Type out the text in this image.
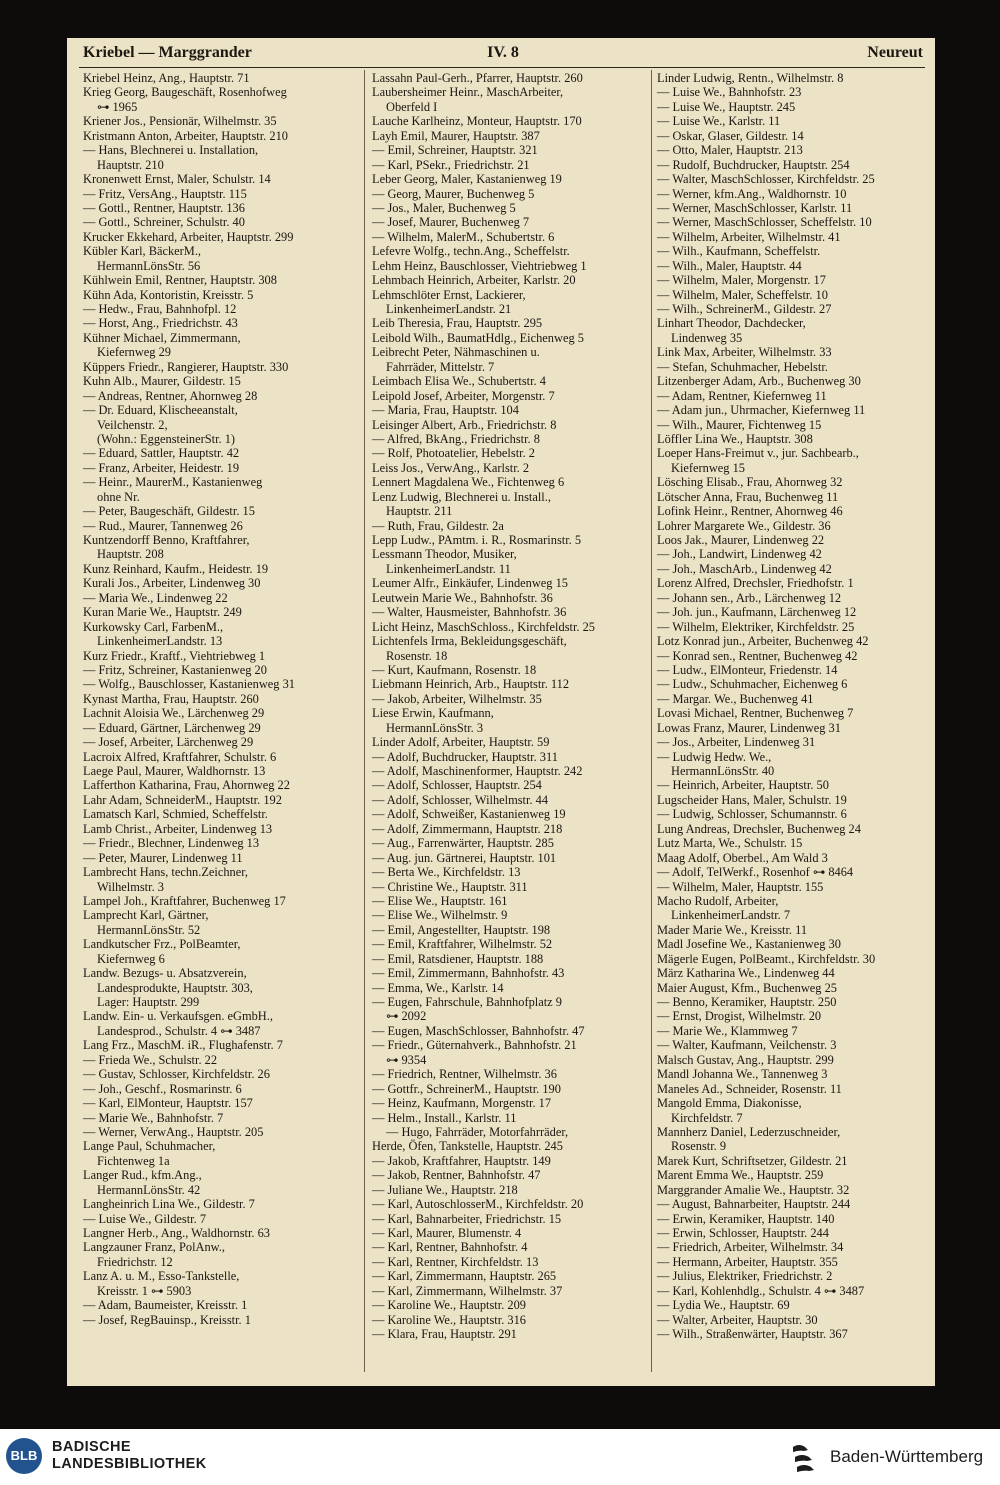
Kriebel — Marggrander	IV. 8	Neureut
Kriebel Heinz, Ang., Hauptstr. 71
Krieg Georg, Baugeschäft, Rosenhofweg
⊶ 1965
Kriener Jos., Pensionär, Wilhelmstr. 35
Kristmann Anton, Arbeiter, Hauptstr. 210
— Hans, Blechnerei u. Installation,
Hauptstr. 210
Kronenwett Ernst, Maler, Schulstr. 14
— Fritz, VersAng., Hauptstr. 115
— Gottl., Rentner, Hauptstr. 136
— Gottl., Schreiner, Schulstr. 40
Krucker Ekkehard, Arbeiter, Hauptstr. 299
Kübler Karl, BäckerM.,
HermannLönsStr. 56
Kühlwein Emil, Rentner, Hauptstr. 308
Kühn Ada, Kontoristin, Kreisstr. 5
— Hedw., Frau, Bahnhofpl. 12
— Horst, Ang., Friedrichstr. 43
Kühner Michael, Zimmermann,
Kiefernweg 29
Küppers Friedr., Rangierer, Hauptstr. 330
Kuhn Alb., Maurer, Gildestr. 15
— Andreas, Rentner, Ahornweg 28
— Dr. Eduard, Klischeeanstalt,
Veilchenstr. 2,
(Wohn.: EggensteinerStr. 1)
— Eduard, Sattler, Hauptstr. 42
— Franz, Arbeiter, Heidestr. 19
— Heinr., MaurerM., Kastanienweg
ohne Nr.
— Peter, Baugeschäft, Gildestr. 15
— Rud., Maurer, Tannenweg 26
Kuntzendorff Benno, Kraftfahrer,
Hauptstr. 208
Kunz Reinhard, Kaufm., Heidestr. 19
Kurali Jos., Arbeiter, Lindenweg 30
— Maria We., Lindenweg 22
Kuran Marie We., Hauptstr. 249
Kurkowsky Carl, FarbenM.,
LinkenheimerLandstr. 13
Kurz Friedr., Kraftf., Viehtriebweg 1
— Fritz, Schreiner, Kastanienweg 20
— Wolfg., Bauschlosser, Kastanienweg 31
Kynast Martha, Frau, Hauptstr. 260
Lachnit Aloisia We., Lärchenweg 29
— Eduard, Gärtner, Lärchenweg 29
— Josef, Arbeiter, Lärchenweg 29
Lacroix Alfred, Kraftfahrer, Schulstr. 6
Laege Paul, Maurer, Waldhornstr. 13
Lafferthon Katharina, Frau, Ahornweg 22
Lahr Adam, SchneiderM., Hauptstr. 192
Lamatsch Karl, Schmied, Scheffelstr.
Lamb Christ., Arbeiter, Lindenweg 13
— Friedr., Blechner, Lindenweg 13
— Peter, Maurer, Lindenweg 11
Lambrecht Hans, techn.Zeichner,
Wilhelmstr. 3
Lampel Joh., Kraftfahrer, Buchenweg 17
Lamprecht Karl, Gärtner,
HermannLönsStr. 52
Landkutscher Frz., PolBeamter,
Kiefernweg 6
Landw. Bezugs- u. Absatzverein,
Landesprodukte, Hauptstr. 303,
Lager: Hauptstr. 299
Landw. Ein- u. Verkaufsgen. eGmbH.,
Landesprod., Schulstr. 4 ⊶ 3487
Lang Frz., MaschM. iR., Flughafenstr. 7
— Frieda We., Schulstr. 22
— Gustav, Schlosser, Kirchfeldstr. 26
— Joh., Geschf., Rosmarinstr. 6
— Karl, ElMonteur, Hauptstr. 157
— Marie We., Bahnhofstr. 7
— Werner, VerwAng., Hauptstr. 205
Lange Paul, Schuhmacher,
Fichtenweg 1a
Langer Rud., kfm.Ang.,
HermannLönsStr. 42
Langheinrich Lina We., Gildestr. 7
— Luise We., Gildestr. 7
Langner Herb., Ang., Waldhornstr. 63
Langzauner Franz, PolAnw.,
Friedrichstr. 12
Lanz A. u. M., Esso-Tankstelle,
Kreisstr. 1 ⊶ 5903
— Adam, Baumeister, Kreisstr. 1
— Josef, RegBauinsp., Kreisstr. 1
Lassahn Paul-Gerh., Pfarrer, Hauptstr. 260
Laubersheimer Heinr., MaschArbeiter,
Oberfeld I
Lauche Karlheinz, Monteur, Hauptstr. 170
Layh Emil, Maurer, Hauptstr. 387
— Emil, Schreiner, Hauptstr. 321
— Karl, PSekr., Friedrichstr. 21
Leber Georg, Maler, Kastanienweg 19
— Georg, Maurer, Buchenweg 5
— Jos., Maler, Buchenweg 5
— Josef, Maurer, Buchenweg 7
— Wilhelm, MalerM., Schubertstr. 6
Lefevre Wolfg., techn.Ang., Scheffelstr.
Lehm Heinz, Bauschlosser, Viehtriebweg 1
Lehmbach Heinrich, Arbeiter, Karlstr. 20
Lehmschlöter Ernst, Lackierer,
LinkenheimerLandstr. 21
Leib Theresia, Frau, Hauptstr. 295
Leibold Wilh., BaumatHdlg., Eichenweg 5
Leibrecht Peter, Nähmaschinen u.
Fahrräder, Mittelstr. 7
Leimbach Elisa We., Schubertstr. 4
Leipold Josef, Arbeiter, Morgenstr. 7
— Maria, Frau, Hauptstr. 104
Leisinger Albert, Arb., Friedrichstr. 8
— Alfred, BkAng., Friedrichstr. 8
— Rolf, Photoatelier, Hebelstr. 2
Leiss Jos., VerwAng., Karlstr. 2
Lennert Magdalena We., Fichtenweg 6
Lenz Ludwig, Blechnerei u. Install.,
Hauptstr. 211
— Ruth, Frau, Gildestr. 2a
Lepp Ludw., PAmtm. i. R., Rosmarinstr. 5
Lessmann Theodor, Musiker,
LinkenheimerLandstr. 11
Leumer Alfr., Einkäufer, Lindenweg 15
Leutwein Marie We., Bahnhofstr. 36
— Walter, Hausmeister, Bahnhofstr. 36
Licht Heinz, MaschSchloss., Kirchfeldstr. 25
Lichtenfels Irma, Bekleidungsgeschäft,
Rosenstr. 18
— Kurt, Kaufmann, Rosenstr. 18
Liebmann Heinrich, Arb., Hauptstr. 112
— Jakob, Arbeiter, Wilhelmstr. 35
Liese Erwin, Kaufmann,
HermannLönsStr. 3
Linder Adolf, Arbeiter, Hauptstr. 59
— Adolf, Buchdrucker, Hauptstr. 311
— Adolf, Maschinenformer, Hauptstr. 242
— Adolf, Schlosser, Hauptstr. 254
— Adolf, Schlosser, Wilhelmstr. 44
— Adolf, Schweißer, Kastanienweg 19
— Adolf, Zimmermann, Hauptstr. 218
— Aug., Farrenwärter, Hauptstr. 285
— Aug. jun. Gärtnerei, Hauptstr. 101
— Berta We., Kirchfeldstr. 13
— Christine We., Hauptstr. 311
— Elise We., Hauptstr. 161
— Elise We., Wilhelmstr. 9
— Emil, Angestellter, Hauptstr. 198
— Emil, Kraftfahrer, Wilhelmstr. 52
— Emil, Ratsdiener, Hauptstr. 188
— Emil, Zimmermann, Bahnhofstr. 43
— Emma, We., Karlstr. 14
— Eugen, Fahrschule, Bahnhofplatz 9
⊶ 2092
— Eugen, MaschSchlosser, Bahnhofstr. 47
— Friedr., Güternahverk., Bahnhofstr. 21
⊶ 9354
— Friedrich, Rentner, Wilhelmstr. 36
— Gottfr., SchreinerM., Hauptstr. 190
— Heinz, Kaufmann, Morgenstr. 17
— Helm., Install., Karlstr. 11
— Hugo, Fahrräder, Motorfahrräder,
Herde, Öfen, Tankstelle, Hauptstr. 245
— Jakob, Kraftfahrer, Hauptstr. 149
— Jakob, Rentner, Bahnhofstr. 47
— Juliane We., Hauptstr. 218
— Karl, AutoschlosserM., Kirchfeldstr. 20
— Karl, Bahnarbeiter, Friedrichstr. 15
— Karl, Maurer, Blumenstr. 4
— Karl, Rentner, Bahnhofstr. 4
— Karl, Rentner, Kirchfeldstr. 13
— Karl, Zimmermann, Hauptstr. 265
— Karl, Zimmermann, Wilhelmstr. 37
— Karoline We., Hauptstr. 209
— Karoline We., Hauptstr. 316
— Klara, Frau, Hauptstr. 291
Linder Ludwig, Rentn., Wilhelmstr. 8
— Luise We., Bahnhofstr. 23
— Luise We., Hauptstr. 245
— Luise We., Karlstr. 11
— Oskar, Glaser, Gildestr. 14
— Otto, Maler, Hauptstr. 213
— Rudolf, Buchdrucker, Hauptstr. 254
— Walter, MaschSchlosser, Kirchfeldstr. 25
— Werner, kfm.Ang., Waldhornstr. 10
— Werner, MaschSchlosser, Karlstr. 11
— Werner, MaschSchlosser, Scheffelstr. 10
— Wilhelm, Arbeiter, Wilhelmstr. 41
— Wilh., Kaufmann, Scheffelstr.
— Wilh., Maler, Hauptstr. 44
— Wilhelm, Maler, Morgenstr. 17
— Wilhelm, Maler, Scheffelstr. 10
— Wilh., SchreinerM., Gildestr. 27
Linhart Theodor, Dachdecker,
Lindenweg 35
Link Max, Arbeiter, Wilhelmstr. 33
— Stefan, Schuhmacher, Hebelstr.
Litzenberger Adam, Arb., Buchenweg 30
— Adam, Rentner, Kiefernweg 11
— Adam jun., Uhrmacher, Kiefernweg 11
— Wilh., Maurer, Fichtenweg 15
Löffler Lina We., Hauptstr. 308
Loeper Hans-Freimut v., jur. Sachbearb.,
Kiefernweg 15
Lösching Elisab., Frau, Ahornweg 32
Lötscher Anna, Frau, Buchenweg 11
Lofink Heinr., Rentner, Ahornweg 46
Lohrer Margarete We., Gildestr. 36
Loos Jak., Maurer, Lindenweg 22
— Joh., Landwirt, Lindenweg 42
— Joh., MaschArb., Lindenweg 42
Lorenz Alfred, Drechsler, Friedhofstr. 1
— Johann sen., Arb., Lärchenweg 12
— Joh. jun., Kaufmann, Lärchenweg 12
— Wilhelm, Elektriker, Kirchfeldstr. 25
Lotz Konrad jun., Arbeiter, Buchenweg 42
— Konrad sen., Rentner, Buchenweg 42
— Ludw., ElMonteur, Friedenstr. 14
— Ludw., Schuhmacher, Eichenweg 6
— Margar. We., Buchenweg 41
Lovasi Michael, Rentner, Buchenweg 7
Lowas Franz, Maurer, Lindenweg 31
— Jos., Arbeiter, Lindenweg 31
— Ludwig Hedw. We.,
HermannLönsStr. 40
— Heinrich, Arbeiter, Hauptstr. 50
Lugscheider Hans, Maler, Schulstr. 19
— Ludwig, Schlosser, Schumannstr. 6
Lung Andreas, Drechsler, Buchenweg 24
Lutz Marta, We., Schulstr. 15
Maag Adolf, Oberbel., Am Wald 3
— Adolf, TelWerkf., Rosenhof ⊶ 8464
— Wilhelm, Maler, Hauptstr. 155
Macho Rudolf, Arbeiter,
LinkenheimerLandstr. 7
Mader Marie We., Kreisstr. 11
Madl Josefine We., Kastanienweg 30
Mägerle Eugen, PolBeamt., Kirchfeldstr. 30
März Katharina We., Lindenweg 44
Maier August, Kfm., Buchenweg 25
— Benno, Keramiker, Hauptstr. 250
— Ernst, Drogist, Wilhelmstr. 20
— Marie We., Klammweg 7
— Walter, Kaufmann, Veilchenstr. 3
Malsch Gustav, Ang., Hauptstr. 299
Mandl Johanna We., Tannenweg 3
Maneles Ad., Schneider, Rosenstr. 11
Mangold Emma, Diakonisse,
Kirchfeldstr. 7
Mannherz Daniel, Lederzuschneider,
Rosenstr. 9
Marek Kurt, Schriftsetzer, Gildestr. 21
Marent Emma We., Hauptstr. 259
Marggrander Amalie We., Hauptstr. 32
— August, Bahnarbeiter, Hauptstr. 244
— Erwin, Keramiker, Hauptstr. 140
— Erwin, Schlosser, Hauptstr. 244
— Friedrich, Arbeiter, Wilhelmstr. 34
— Hermann, Arbeiter, Hauptstr. 355
— Julius, Elektriker, Friedrichstr. 2
— Karl, Kohlenhdlg., Schulstr. 4 ⊶ 3487
— Lydia We., Hauptstr. 69
— Walter, Arbeiter, Hauptstr. 30
— Wilh., Straßenwärter, Hauptstr. 367
BLB
BADISCHE
LANDESBIBLIOTHEK	Baden-Württemberg
